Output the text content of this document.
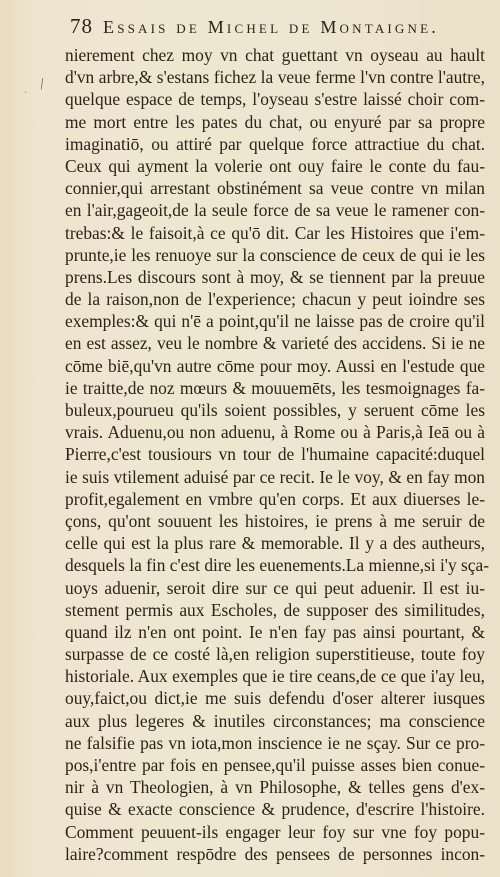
78 Essais de Michel de Montaigne.
/
·
nierement chez moy vn chat guettant vn oyseau au hault
d'vn arbre,& s'estans fichez la veue ferme l'vn contre l'autre,
quelque espace de temps, l'oyseau s'estre laissé choir com-
me mort entre les pates du chat, ou enyuré par sa propre
imaginatiō, ou attiré par quelque force attractiue du chat.
Ceux qui ayment la volerie ont ouy faire le conte du fau-
connier,qui arrestant obstinément sa veue contre vn milan
en l'air,gageoit,de la seule force de sa veue le ramener con-
trebas:& le faisoit,à ce qu'ō dit. Car les Histoires que i'em-
prunte,ie les renuoye sur la conscience de ceux de qui ie les
prens.Les discours sont à moy, & se tiennent par la preuue
de la raison,non de l'experience; chacun y peut ioindre ses
exemples:& qui n'ē a point,qu'il ne laisse pas de croire qu'il
en est assez, veu le nombre & varieté des accidens. Si ie ne
cōme biē,qu'vn autre cōme pour moy. Aussi en l'estude que
ie traitte,de noz mœurs & mouuemēts, les tesmoignages fa-
buleux,pourueu qu'ils soient possibles, y seruent cōme les
vrais. Aduenu,ou non aduenu, à Rome ou à Paris,à Ieā ou à
Pierre,c'est tousiours vn tour de l'humaine capacité:duquel
ie suis vtilement aduisé par ce recit. Ie le voy, & en fay mon
profit,egalement en vmbre qu'en corps. Et aux diuerses le-
çons, qu'ont souuent les histoires, ie prens à me seruir de
celle qui est la plus rare & memorable. Il y a des autheurs,
desquels la fin c'est dire les euenements.La mienne,si i'y sça-
uoys aduenir, seroit dire sur ce qui peut aduenir. Il est iu-
stement permis aux Escholes, de supposer des similitudes,
quand ilz n'en ont point. Ie n'en fay pas ainsi pourtant, &
surpasse de ce costé là,en religion superstitieuse, toute foy
historiale. Aux exemples que ie tire ceans,de ce que i'ay leu,
ouy,faict,ou dict,ie me suis defendu d'oser alterer iusques
aux plus legeres & inutiles circonstances; ma conscience
ne falsifie pas vn iota,mon inscience ie ne sçay. Sur ce pro-
pos,i'entre par fois en pensee,qu'il puisse asses bien conue-
nir à vn Theologien, à vn Philosophe, & telles gens d'ex-
quise & exacte conscience & prudence, d'escrire l'histoire.
Comment peuuent-ils engager leur foy sur vne foy popu-
laire?comment respōdre des pensees de personnes incon-
